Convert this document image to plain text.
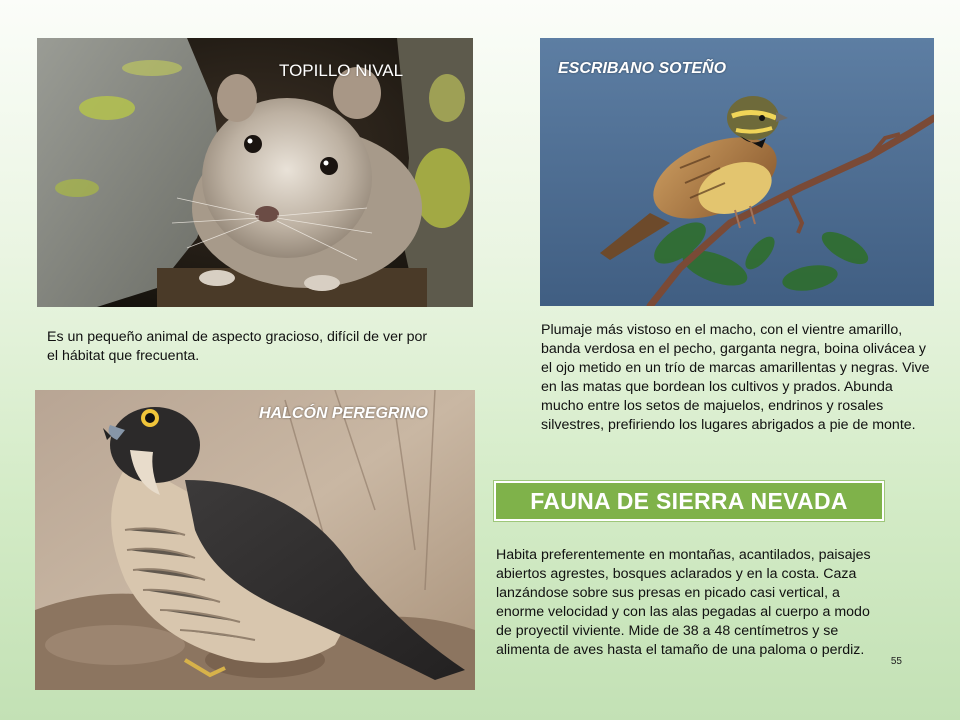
TOPILLO NIVAL	ESCRIBANO SOTEÑO
Es un pequeño animal de aspecto gracioso, difícil de ver por el hábitat que frecuenta.
Plumaje más vistoso en el macho, con el vientre amarillo, banda verdosa en el pecho, garganta negra, boina olivácea y el ojo metido en un trío de marcas amarillentas y negras. Vive en las matas que bordean los cultivos y prados. Abunda mucho entre los setos de majuelos, endrinos y rosales silvestres, prefiriendo los lugares abrigados a pie de monte.
HALCÓN PEREGRINO
FAUNA DE SIERRA NEVADA
Habita preferentemente en montañas, acantilados, paisajes abiertos agrestes, bosques aclarados y en la costa. Caza lanzándose sobre sus presas en picado casi vertical, a enorme velocidad y con las alas pegadas al cuerpo a modo de proyectil viviente. Mide de 38 a 48 centímetros y se alimenta de aves hasta el tamaño de una paloma o perdiz.
55
